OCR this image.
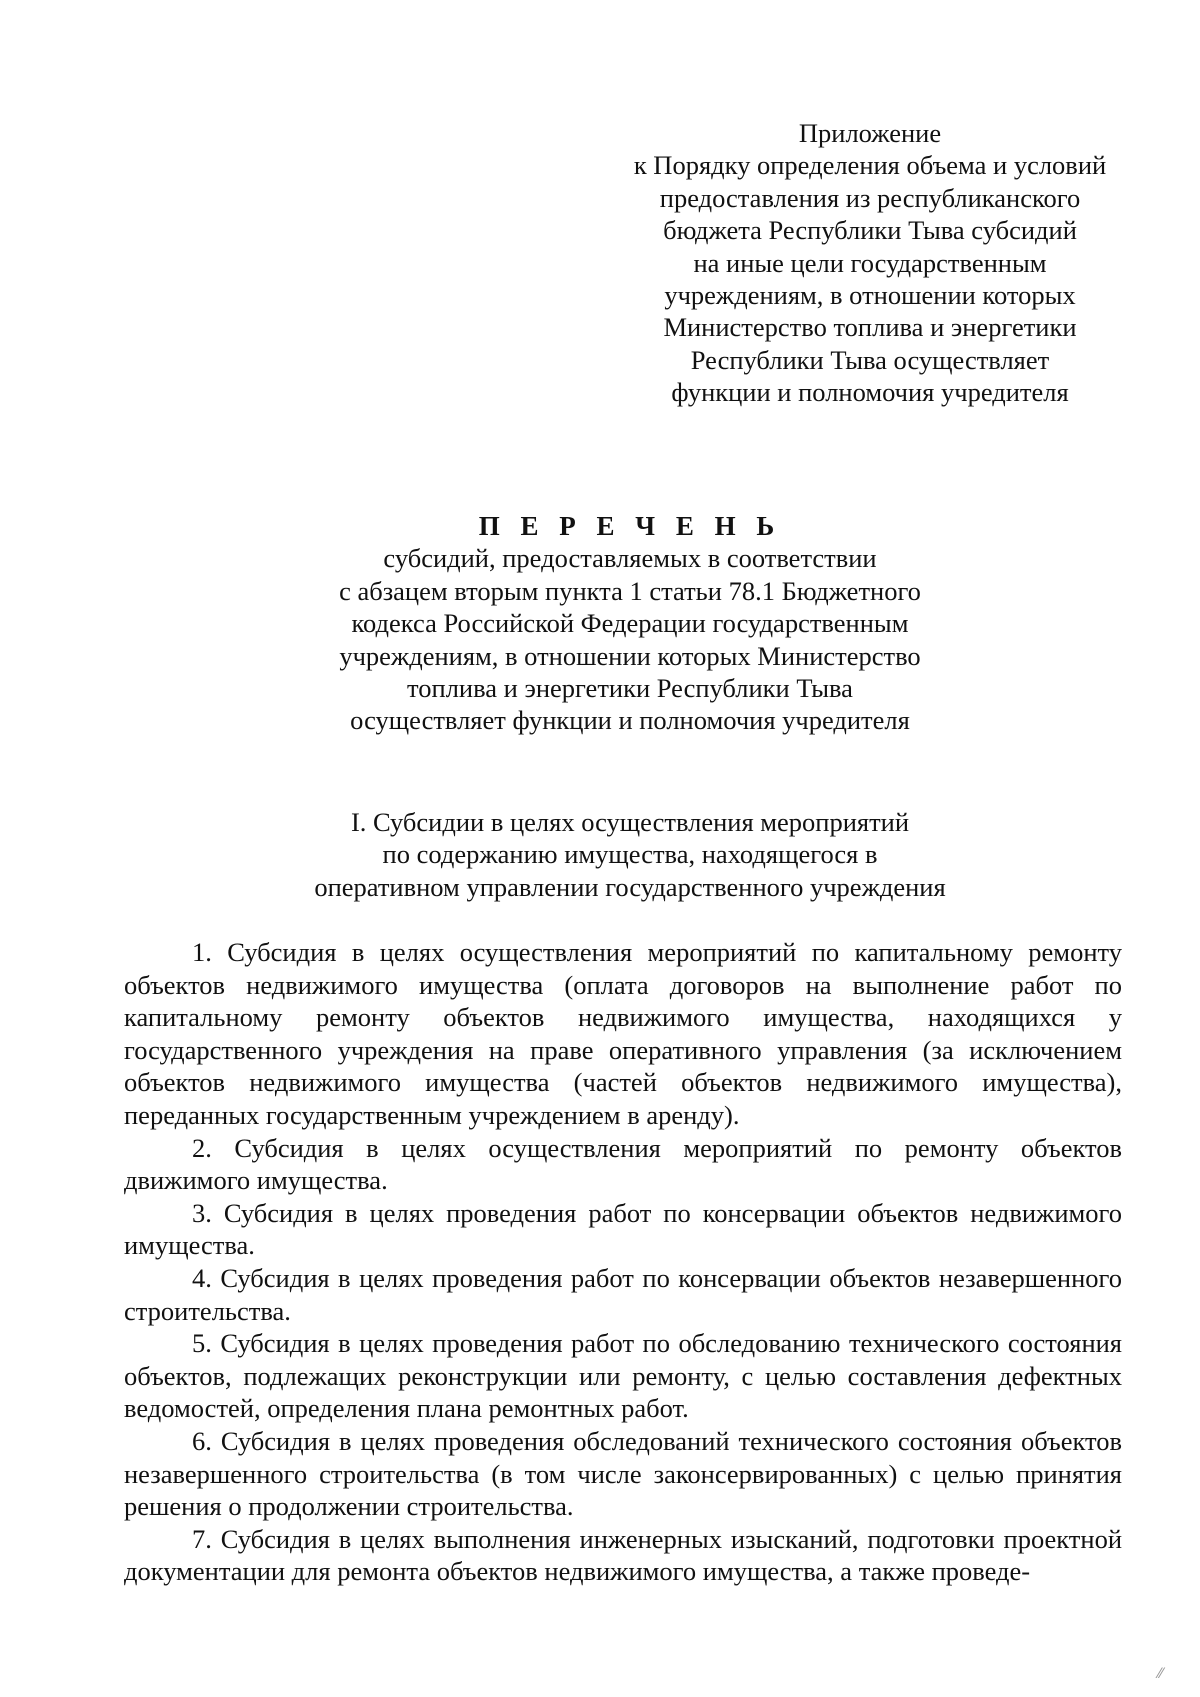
Приложение
к Порядку определения объема и условий
предоставления из республиканского
бюджета Республики Тыва субсидий
на иные цели государственным
учреждениям, в отношении которых
Министерство топлива и энергетики
Республики Тыва осуществляет
функции и полномочия учредителя
П Е Р Е Ч Е Н Ь
субсидий, предоставляемых в соответствии
с абзацем вторым пункта 1 статьи 78.1 Бюджетного
кодекса Российской Федерации государственным
учреждениям, в отношении которых Министерство
топлива и энергетики Республики Тыва
осуществляет функции и полномочия учредителя
I. Субсидии в целях осуществления мероприятий
по содержанию имущества, находящегося в
оперативном управлении государственного учреждения

1. Субсидия в целях осуществления мероприятий по капитальному ремонту объектов недвижимого имущества (оплата договоров на выполнение работ по капитальному ремонту объектов недвижимого имущества, находящихся у государственного учреждения на праве оперативного управления (за исключением объектов недвижимого имущества (частей объектов недвижимого имущества), переданных государственным учреждением в аренду).

2. Субсидия в целях осуществления мероприятий по ремонту объектов движимого имущества.

3. Субсидия в целях проведения работ по консервации объектов недвижимого имущества.

4. Субсидия в целях проведения работ по консервации объектов незавершенного строительства.

5. Субсидия в целях проведения работ по обследованию технического состояния объектов, подлежащих реконструкции или ремонту, с целью составления дефектных ведомостей, определения плана ремонтных работ.

6. Субсидия в целях проведения обследований технического состояния объектов незавершенного строительства (в том числе законсервированных) с целью принятия решения о продолжении строительства.

7. Субсидия в целях выполнения инженерных изысканий, подготовки проектной документации для ремонта объектов недвижимого имущества, а также проведе-

⁄⁄
